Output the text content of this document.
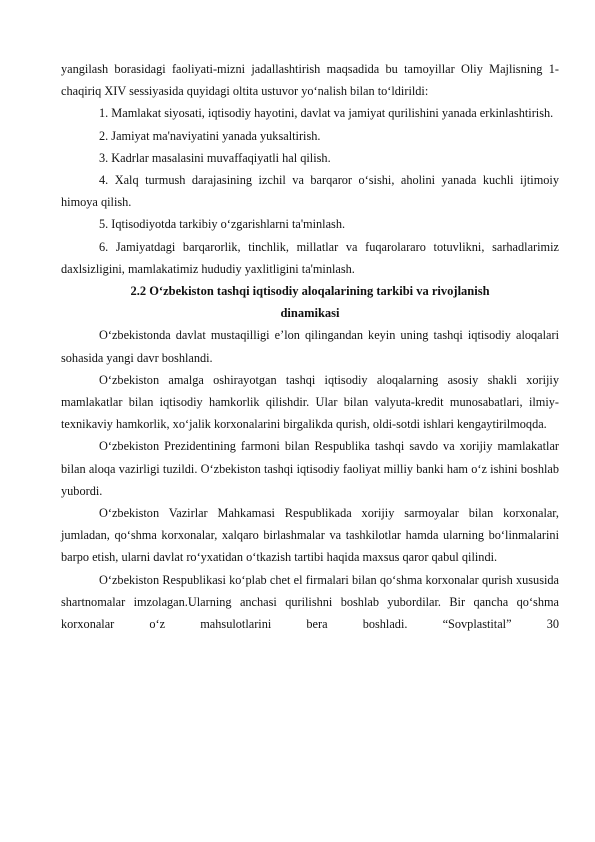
yangilash borasidagi faoliyati-mizni jadallashtirish maqsadida bu tamoyillar Oliy Majlisning 1-chaqiriq XIV sessiyasida quyidagi oltita ustuvor yo‘nalish bilan to‘ldirildi:

1. Mamlakat siyosati, iqtisodiy hayotini, davlat va jamiyat qurilishini yanada erkinlashtirish.

2. Jamiyat ma'naviyatini yanada yuksaltirish.

3. Kadrlar masalasini muvaffaqiyatli hal qilish.

4. Xalq turmush darajasining izchil va barqaror o‘sishi, aholini yanada kuchli ijtimoiy himoya qilish.

5. Iqtisodiyotda tarkibiy o‘zgarishlarni ta'minlash.

6. Jamiyatdagi barqarorlik, tinchlik, millatlar va fuqarolararo totuvlikni, sarhadlarimiz daxlsizligini, mamlakatimiz hududiy yaxlitligini ta'minlash.

2.2 O‘zbekiston tashqi iqtisodiy aloqalarining tarkibi va rivojlanish dinamikasi

O‘zbekistonda davlat mustaqilligi e’lon qilingandan keyin uning tashqi iqtisodiy aloqalari sohasida yangi davr boshlandi.

O‘zbekiston amalga oshirayotgan tashqi iqtisodiy aloqalarning asosiy shakli xorijiy mamlakatlar bilan iqtisodiy hamkorlik qilishdir. Ular bilan valyuta-kredit munosabatlari, ilmiy-texnikaviy hamkorlik, xo‘jalik korxonalarini birgalikda qurish, oldi-sotdi ishlari kengaytirilmoqda.

O‘zbekiston Prezidentining farmoni bilan Respublika tashqi savdo va xorijiy mamlakatlar bilan aloqa vazirligi tuzildi. O‘zbekiston tashqi iqtisodiy faoliyat milliy banki ham o‘z ishini boshlab yubordi.

O‘zbekiston Vazirlar Mahkamasi Respublikada xorijiy sarmoyalar bilan korxonalar, jumladan, qo‘shma korxonalar, xalqaro birlashmalar va tashkilotlar hamda ularning bo‘linmalarini barpo etish, ularni davlat ro‘yxatidan o‘tkazish tartibi haqida maxsus qaror qabul qilindi.

O‘zbekiston Respublikasi ko‘plab chet el firmalari bilan qo‘shma korxonalar qurish xususida shartnomalar imzolagan.Ularning anchasi qurilishni boshlab yubordilar. Bir qancha qo‘shma korxonalar o‘z mahsulotlarini bera boshladi. “Sovplastital” 30
